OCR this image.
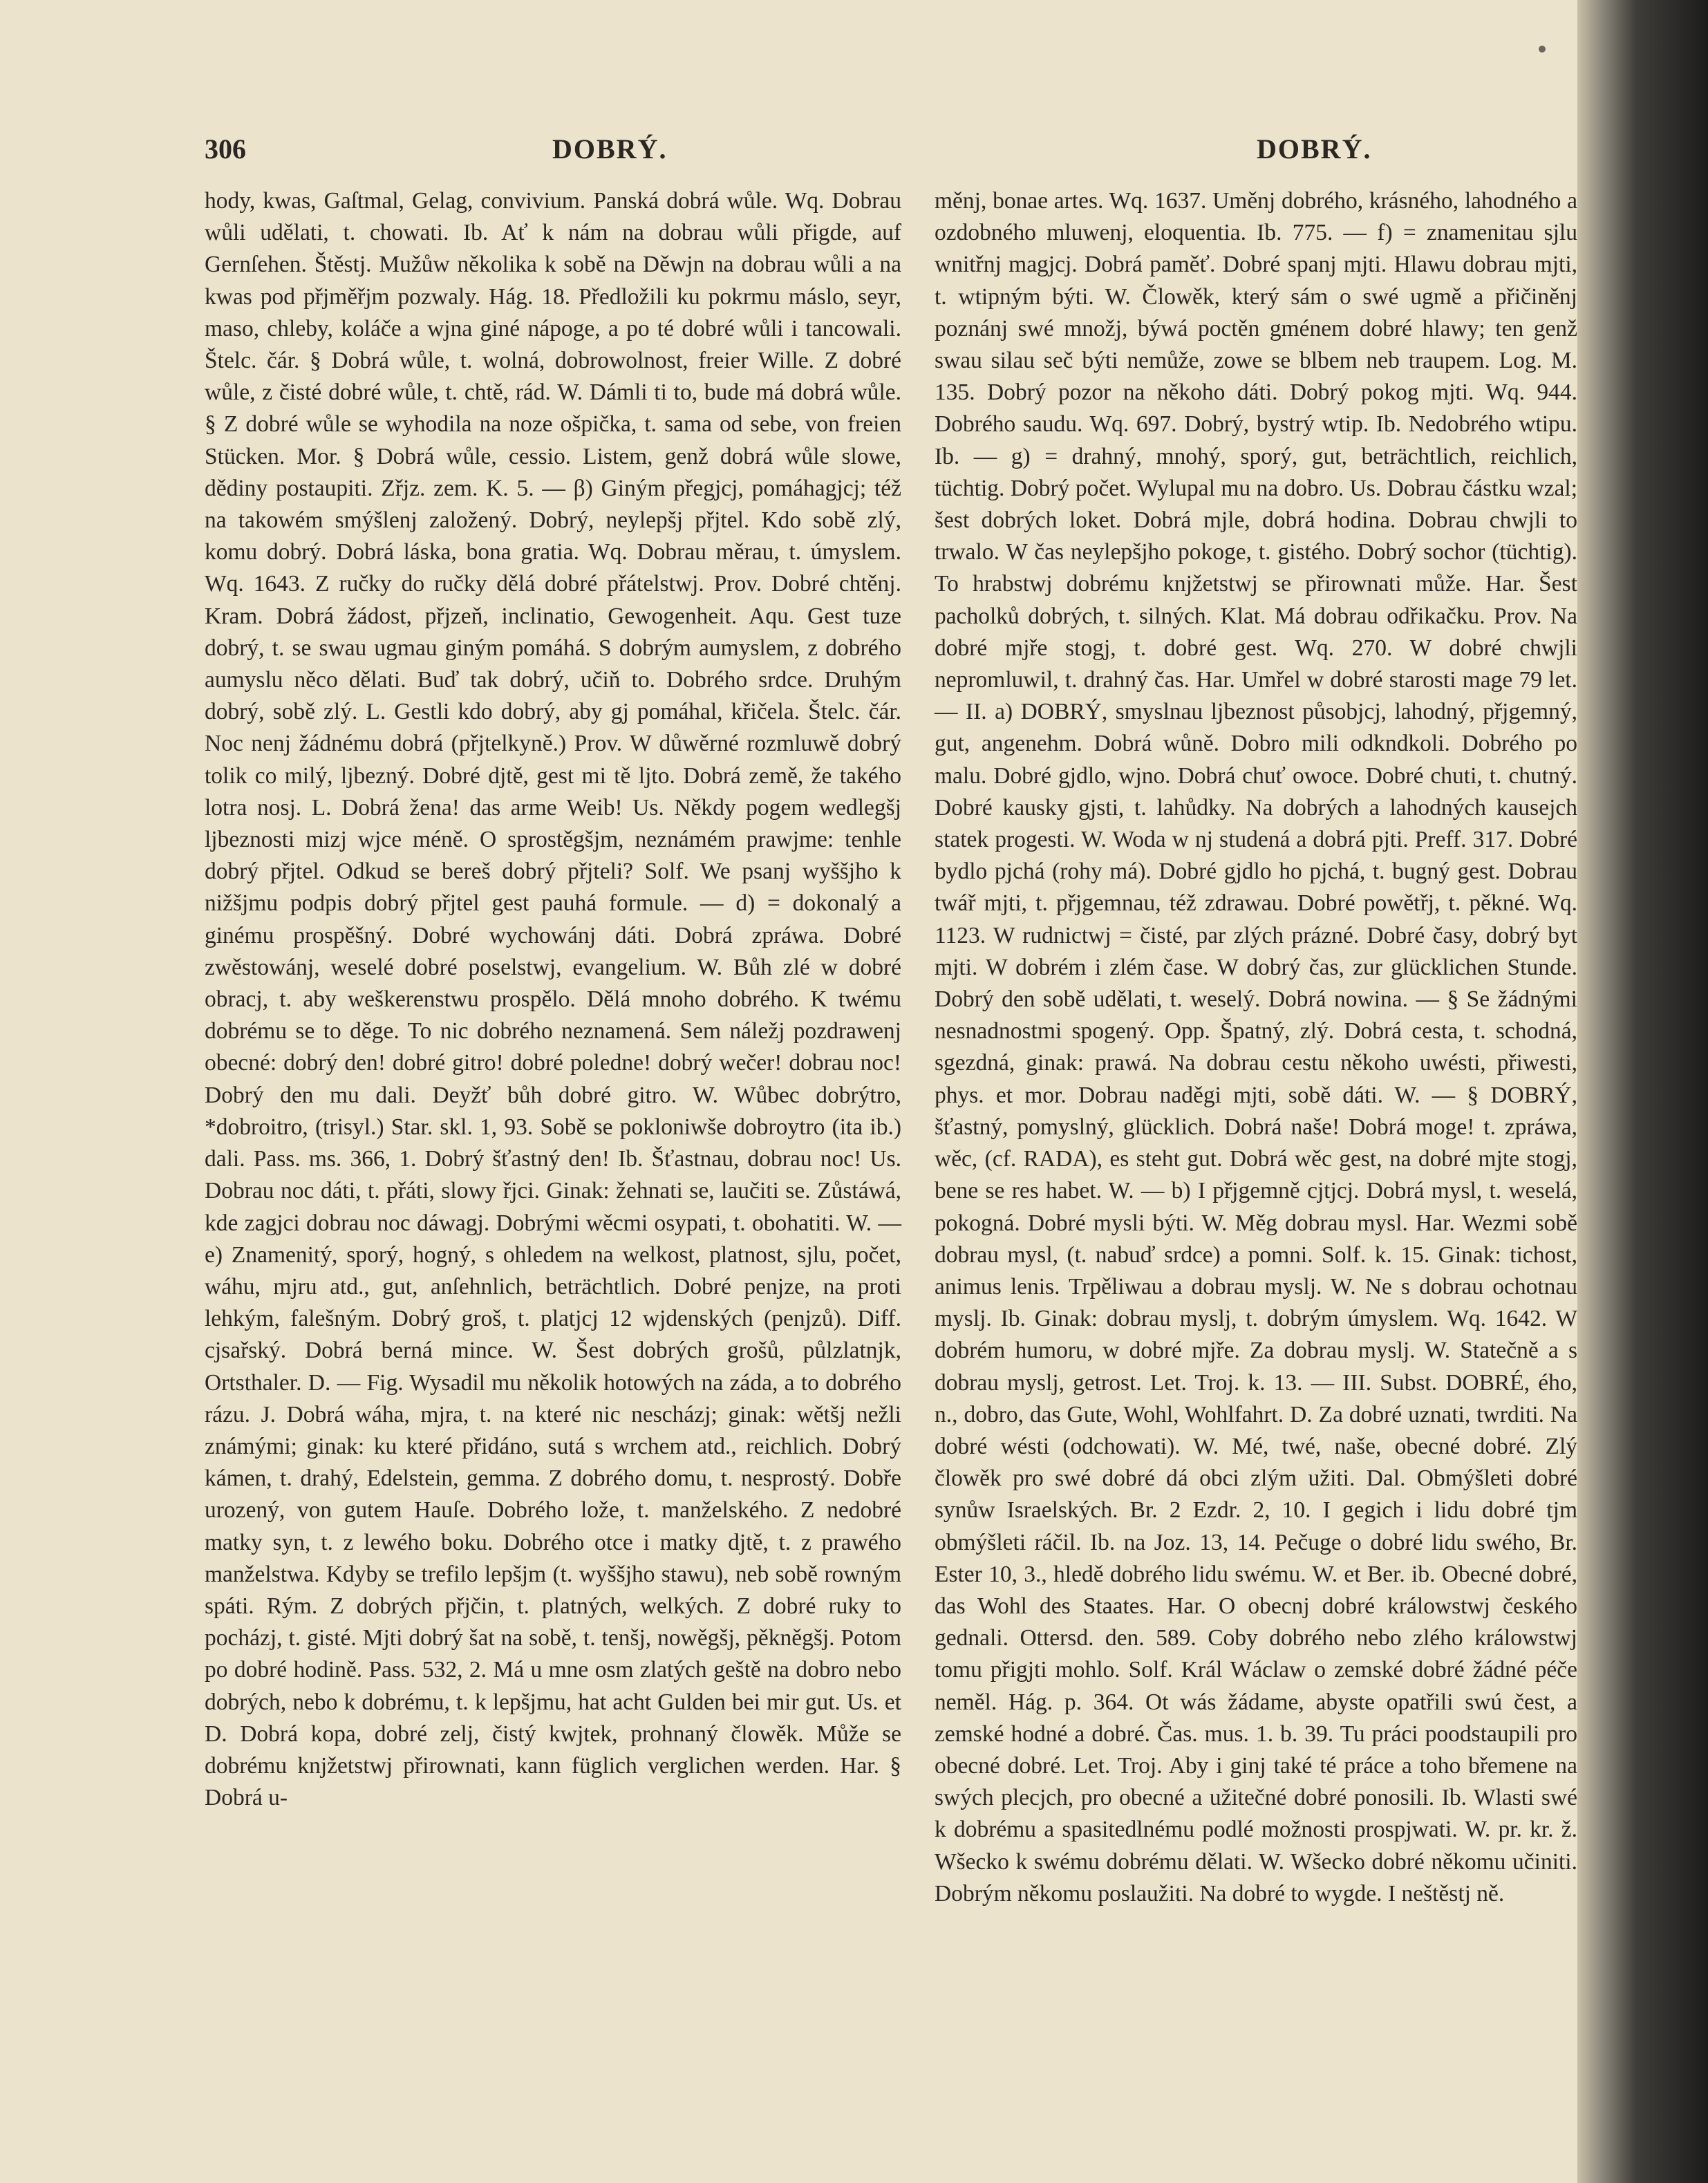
306	DOBRÝ.	DOBRÝ.

hody, kwas, Gaſtmal, Gelag, convivium. Panská dobrá wůle. Wq. Dobrau wůli udělati, t. chowati. Ib. Ať k nám na dobrau wůli přigde, auf Gernſehen. Štěstj. Mužůw několika k sobě na Děwjn na dobrau wůli a na kwas pod přjměřjm pozwaly. Hág. 18. Předložili ku pokrmu máslo, seyr, maso, chleby, koláče a wjna giné nápoge, a po té dobré wůli i tancowali. Štelc. čár. § Dobrá wůle, t. wolná, dobrowolnost, freier Wille. Z dobré wůle, z čisté dobré wůle, t. chtě, rád. W. Dámli ti to, bude má dobrá wůle. § Z dobré wůle se wyhodila na noze ošpička, t. sama od sebe, von freien Stücken. Mor. § Dobrá wůle, cessio. Listem, genž dobrá wůle slowe, dědiny postaupiti. Zřjz. zem. K. 5. — β) Giným přegjcj, pomáhagjcj; též na takowém smýšlenj založený. Dobrý, neylepšj přjtel. Kdo sobě zlý, komu dobrý. Dobrá láska, bona gratia. Wq. Dobrau měrau, t. úmyslem. Wq. 1643. Z ručky do ručky dělá dobré přátelstwj. Prov. Dobré chtěnj. Kram. Dobrá žádost, přjzeň, inclinatio, Gewogenheit. Aqu. Gest tuze dobrý, t. se swau ugmau giným pomáhá. S dobrým aumyslem, z dobrého aumyslu něco dělati. Buď tak dobrý, učiň to. Dobrého srdce. Druhým dobrý, sobě zlý. L. Gestli kdo dobrý, aby gj pomáhal, křičela. Štelc. čár. Noc nenj žádnému dobrá (přjtelkyně.) Prov. W důwěrné rozmluwě dobrý tolik co milý, ljbezný. Dobré djtě, gest mi tě ljto. Dobrá země, že takého lotra nosj. L. Dobrá žena! das arme Weib! Us. Někdy pogem wedlegšj ljbeznosti mizj wjce méně. O sprostěgšjm, neznámém prawjme: tenhle dobrý přjtel. Odkud se bereš dobrý přjteli? Solf. We psanj wyššjho k nižšjmu podpis dobrý přjtel gest pauhá formule. — d) = dokonalý a ginému prospěšný. Dobré wychowánj dáti. Dobrá zpráwa. Dobré zwěstowánj, weselé dobré poselstwj, evangelium. W. Bůh zlé w dobré obracj, t. aby weškerenstwu prospělo. Dělá mnoho dobrého. K twému dobrému se to děge. To nic dobrého neznamená. Sem náležj pozdrawenj obecné: dobrý den! dobré gitro! dobré poledne! dobrý wečer! dobrau noc! Dobrý den mu dali. Deyžť bůh dobré gitro. W. Wůbec dobrýtro, *dobroitro, (trisyl.) Star. skl. 1, 93. Sobě se pokloniwše dobroytro (ita ib.) dali. Pass. ms. 366, 1. Dobrý šťastný den! Ib. Šťastnau, dobrau noc! Us. Dobrau noc dáti, t. přáti, slowy řjci. Ginak: žehnati se, laučiti se. Zůstáwá, kde zagjci dobrau noc dáwagj. Dobrými wěcmi osypati, t. obohatiti. W. — e) Znamenitý, sporý, hogný, s ohledem na welkost, platnost, sjlu, počet, wáhu, mjru atd., gut, anſehnlich, beträchtlich. Dobré penjze, na proti lehkým, falešným. Dobrý groš, t. platjcj 12 wjdenských (penjzů). Diff. cjsařský. Dobrá berná mince. W. Šest dobrých grošů, půlzlatnjk, Ortsthaler. D. — Fig. Wysadil mu několik hotowých na záda, a to dobrého rázu. J. Dobrá wáha, mjra, t. na které nic nescházj; ginak: wětšj nežli známými; ginak: ku které přidáno, sutá s wrchem atd., reichlich. Dobrý kámen, t. drahý, Edelstein, gemma. Z dobrého domu, t. nesprostý. Dobře urozený, von gutem Hauſe. Dobrého lože, t. manželského. Z nedobré matky syn, t. z lewého boku. Dobrého otce i matky djtě, t. z prawého manželstwa. Kdyby se trefilo lepšjm (t. wyššjho stawu), neb sobě rowným spáti. Rým. Z dobrých přjčin, t. platných, welkých. Z dobré ruky to pocházj, t. gisté. Mjti dobrý šat na sobě, t. tenšj, nowěgšj, pěkněgšj. Potom po dobré hodině. Pass. 532, 2. Má u mne osm zlatých geště na dobro nebo dobrých, nebo k dobrému, t. k lepšjmu, hat acht Gulden bei mir gut. Us. et D. Dobrá kopa, dobré zelj, čistý kwjtek, prohnaný člowěk. Může se dobrému knjžetstwj přirownati, kann füglich verglichen werden. Har. § Dobrá u-

měnj, bonae artes. Wq. 1637. Uměnj dobrého, krásného, lahodného a ozdobného mluwenj, eloquentia. Ib. 775. — f) = znamenitau sjlu wnitřnj magjcj. Dobrá paměť. Dobré spanj mjti. Hlawu dobrau mjti, t. wtipným býti. W. Člowěk, který sám o swé ugmě a přičiněnj poznánj swé množj, býwá poctěn gménem dobré hlawy; ten genž swau silau seč býti nemůže, zowe se blbem neb traupem. Log. M. 135. Dobrý pozor na někoho dáti. Dobrý pokog mjti. Wq. 944. Dobrého saudu. Wq. 697. Dobrý, bystrý wtip. Ib. Nedobrého wtipu. Ib. — g) = drahný, mnohý, sporý, gut, beträchtlich, reichlich, tüchtig. Dobrý počet. Wylupal mu na dobro. Us. Dobrau částku wzal; šest dobrých loket. Dobrá mjle, dobrá hodina. Dobrau chwjli to trwalo. W čas neylepšjho pokoge, t. gistého. Dobrý sochor (tüchtig). To hrabstwj dobrému knjžetstwj se přirownati může. Har. Šest pacholků dobrých, t. silných. Klat. Má dobrau odřikačku. Prov. Na dobré mjře stogj, t. dobré gest. Wq. 270. W dobré chwjli nepromluwil, t. drahný čas. Har. Umřel w dobré starosti mage 79 let. — II. a) DOBRÝ, smyslnau ljbeznost působjcj, lahodný, přjgemný, gut, angenehm. Dobrá wůně. Dobro mili odkndkoli. Dobrého po malu. Dobré gjdlo, wjno. Dobrá chuť owoce. Dobré chuti, t. chutný. Dobré kausky gjsti, t. lahůdky. Na dobrých a lahodných kausejch statek progesti. W. Woda w nj studená a dobrá pjti. Preff. 317. Dobré bydlo pjchá (rohy má). Dobré gjdlo ho pjchá, t. bugný gest. Dobrau twář mjti, t. přjgemnau, též zdrawau. Dobré powětřj, t. pěkné. Wq. 1123. W rudnictwj = čisté, par zlých prázné. Dobré časy, dobrý byt mjti. W dobrém i zlém čase. W dobrý čas, zur glücklichen Stunde. Dobrý den sobě udělati, t. weselý. Dobrá nowina. — § Se žádnými nesnadnostmi spogený. Opp. Špatný, zlý. Dobrá cesta, t. schodná, sgezdná, ginak: prawá. Na dobrau cestu někoho uwésti, přiwesti, phys. et mor. Dobrau naděgi mjti, sobě dáti. W. — § DOBRÝ, šťastný, pomyslný, glücklich. Dobrá naše! Dobrá moge! t. zpráwa, wěc, (cf. RADA), es steht gut. Dobrá wěc gest, na dobré mjte stogj, bene se res habet. W. — b) I přjgemně cjtjcj. Dobrá mysl, t. weselá, pokogná. Dobré mysli býti. W. Měg dobrau mysl. Har. Wezmi sobě dobrau mysl, (t. nabuď srdce) a pomni. Solf. k. 15. Ginak: tichost, animus lenis. Trpěliwau a dobrau myslj. W. Ne s dobrau ochotnau myslj. Ib. Ginak: dobrau myslj, t. dobrým úmyslem. Wq. 1642. W dobrém humoru, w dobré mjře. Za dobrau myslj. W. Statečně a s dobrau myslj, getrost. Let. Troj. k. 13. — III. Subst. DOBRÉ, ého, n., dobro, das Gute, Wohl, Wohlfahrt. D. Za dobré uznati, twrditi. Na dobré wésti (odchowati). W. Mé, twé, naše, obecné dobré. Zlý člowěk pro swé dobré dá obci zlým užiti. Dal. Obmýšleti dobré synůw Israelských. Br. 2 Ezdr. 2, 10. I gegich i lidu dobré tjm obmýšleti ráčil. Ib. na Joz. 13, 14. Pečuge o dobré lidu swého, Br. Ester 10, 3., hledě dobrého lidu swému. W. et Ber. ib. Obecné dobré, das Wohl des Staates. Har. O obecnj dobré králowstwj českého gednali. Ottersd. den. 589. Coby dobrého nebo zlého králowstwj tomu přigjti mohlo. Solf. Král Wáclaw o zemské dobré žádné péče neměl. Hág. p. 364. Ot wás žádame, abyste opatřili swú čest, a zemské hodné a dobré. Čas. mus. 1. b. 39. Tu práci poodstaupili pro obecné dobré. Let. Troj. Aby i ginj také té práce a toho břemene na swých plecjch, pro obecné a užitečné dobré ponosili. Ib. Wlasti swé k dobrému a spasitedlnému podlé možnosti prospjwati. W. pr. kr. ž. Wšecko k swému dobrému dělati. W. Wšecko dobré někomu učiniti. Dobrým někomu poslaužiti. Na dobré to wygde. I neštěstj ně.
